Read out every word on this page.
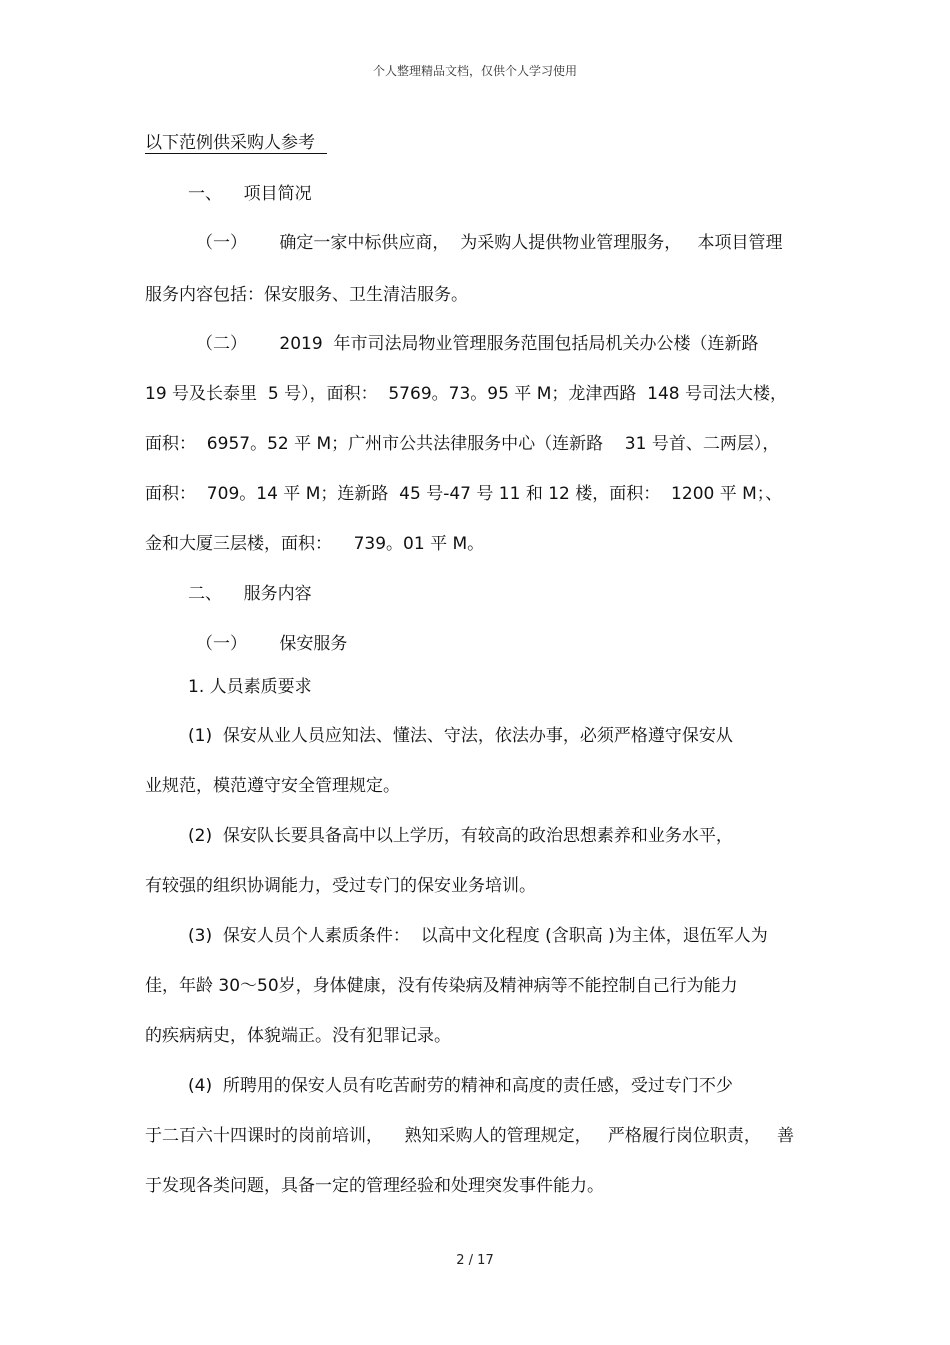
个人整理精品文档，仅供个人学习使用
以下范例供采购人参考
一、    项目简况
（一）      确定一家中标供应商，  为采购人提供物业管理服务，   本项目管理
服务内容包括：保安服务、卫生清洁服务。
（二）      2019  年市司法局物业管理服务范围包括局机关办公楼（连新路
19 号及长泰里  5 号），面积：  5769。73。95 平 M；龙津西路  148 号司法大楼，
面积：  6957。52 平 M；广州市公共法律服务中心（连新路    31 号首、二两层），
面积：  709。14 平 M；连新路  45 号-47 号 11 和 12 楼，面积：  1200 平 M；、
金和大厦三层楼，面积：    739。01 平 M。
二、    服务内容
（一）      保安服务
1. 人员素质要求
(1)  保安从业人员应知法、懂法、守法，依法办事，必须严格遵守保安从
业规范，模范遵守安全管理规定。
(2)  保安队长要具备高中以上学历，有较高的政治思想素养和业务水平，
有较强的组织协调能力，受过专门的保安业务培训。
(3)  保安人员个人素质条件：  以高中文化程度 (含职高 )为主体，退伍军人为
佳，年龄 30～50岁，身体健康，没有传染病及精神病等不能控制自己行为能力
的疾病病史，体貌端正。没有犯罪记录。
(4)  所聘用的保安人员有吃苦耐劳的精神和高度的责任感，受过专门不少
于二百六十四课时的岗前培训，    熟知采购人的管理规定，   严格履行岗位职责，   善
于发现各类问题，具备一定的管理经验和处理突发事件能力。
2 / 17
